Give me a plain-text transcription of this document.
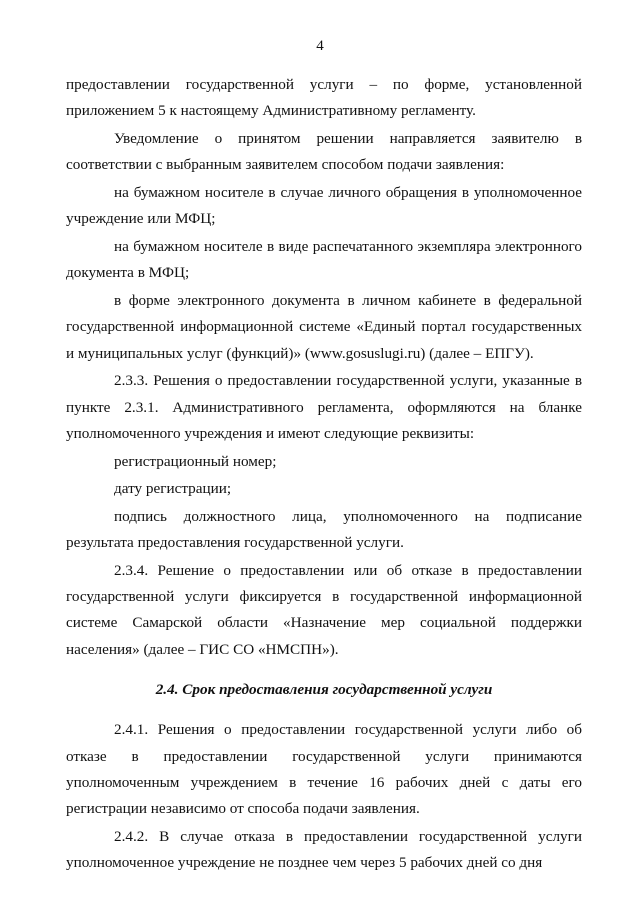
4

предоставлении государственной услуги – по форме, установленной приложением 5 к настоящему Административному регламенту.

Уведомление о принятом решении направляется заявителю в соответствии с выбранным заявителем способом подачи заявления:

на бумажном носителе в случае личного обращения в уполномоченное учреждение или МФЦ;

на бумажном носителе в виде распечатанного экземпляра электронного документа в МФЦ;

в форме электронного документа в личном кабинете в федеральной государственной информационной системе «Единый портал государственных и муниципальных услуг (функций)» (www.gosuslugi.ru) (далее – ЕПГУ).

2.3.3. Решения о предоставлении государственной услуги, указанные в пункте 2.3.1. Административного регламента, оформляются на бланке уполномоченного учреждения и имеют следующие реквизиты:

регистрационный номер;

дату регистрации;

подпись должностного лица, уполномоченного на подписание результата предоставления государственной услуги.

2.3.4. Решение о предоставлении или об отказе в предоставлении государственной услуги фиксируется в государственной информационной системе Самарской области «Назначение мер социальной поддержки населения» (далее – ГИС СО «НМСПН»).

2.4. Срок предоставления государственной услуги

2.4.1. Решения о предоставлении государственной услуги либо об отказе в предоставлении государственной услуги принимаются уполномоченным учреждением в течение 16 рабочих дней с даты его регистрации независимо от способа подачи заявления.

2.4.2. В случае отказа в предоставлении государственной услуги уполномоченное учреждение не позднее чем через 5 рабочих дней со дня
